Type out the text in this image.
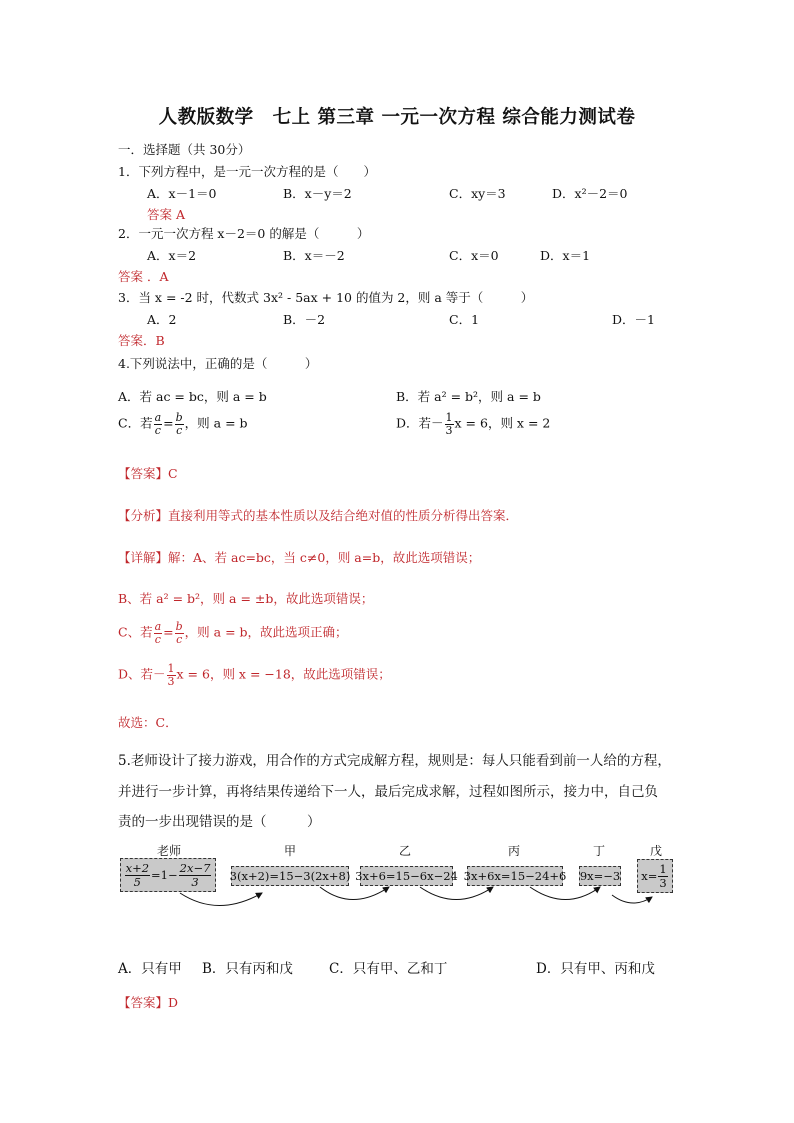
人教版数学　七上 第三章 一元一次方程 综合能力测试卷
一．选择题（共 30分）
1．下列方程中，是一元一次方程的是（　　）
A．x－1＝0	B．x－y＝2	C．xy＝3	D．x²－2＝0
答案 A
2．一元一次方程 x－2＝0 的解是（　　　）
A．x＝2	B．x＝－2	C．x＝0	D．x＝1
答案 ．A
3．当 x = -2 时，代数式 3x² - 5ax + 10 的值为 2，则 a 等于（　　　）
A．2	B．－2	C．1	D．－1
答案．B
4.下列说法中，正确的是（　　　）
A．若 ac = bc，则 a = b	B．若 a² = b²，则 a = b
C．若 $\frac{a}{c} = \frac{b}{c}$ ，则 a = b	D．若－ $\frac{1}{3}$ x = 6，则 x = 2
【答案】C
【分析】直接利用等式的基本性质以及结合绝对值的性质分析得出答案．
【详解】解：A、若 ac=bc，当 c≠0，则 a=b，故此选项错误；
B、若 a² = b²，则 a = ±b，故此选项错误；
C、若 $\frac{a}{c} = \frac{b}{c}$ ，则 a = b，故此选项正确；
D、若－ $\frac{1}{3}$ x = 6，则 x = −18，故此选项错误；
故选：C．
5.老师设计了接力游戏，用合作的方式完成解方程，规则是：每人只能看到前一人给的方程，
并进行一步计算，再将结果传递给下一人，最后完成求解，过程如图所示，接力中，自己负
责的一步出现错误的是（　　　）
老师	甲	乙	丙	丁	戊
$\frac{x+2}{5} =1- \frac{2x-7}{3} 3(x+2)=15-3(2x+8)$ 3x+6=15−6x−24 3x+6x=15−24+6 9x=−3 $x= \frac{1}{3}$
A．只有甲 B．只有丙和戊	C．只有甲、乙和丁	D．只有甲、丙和戊
【答案】D
